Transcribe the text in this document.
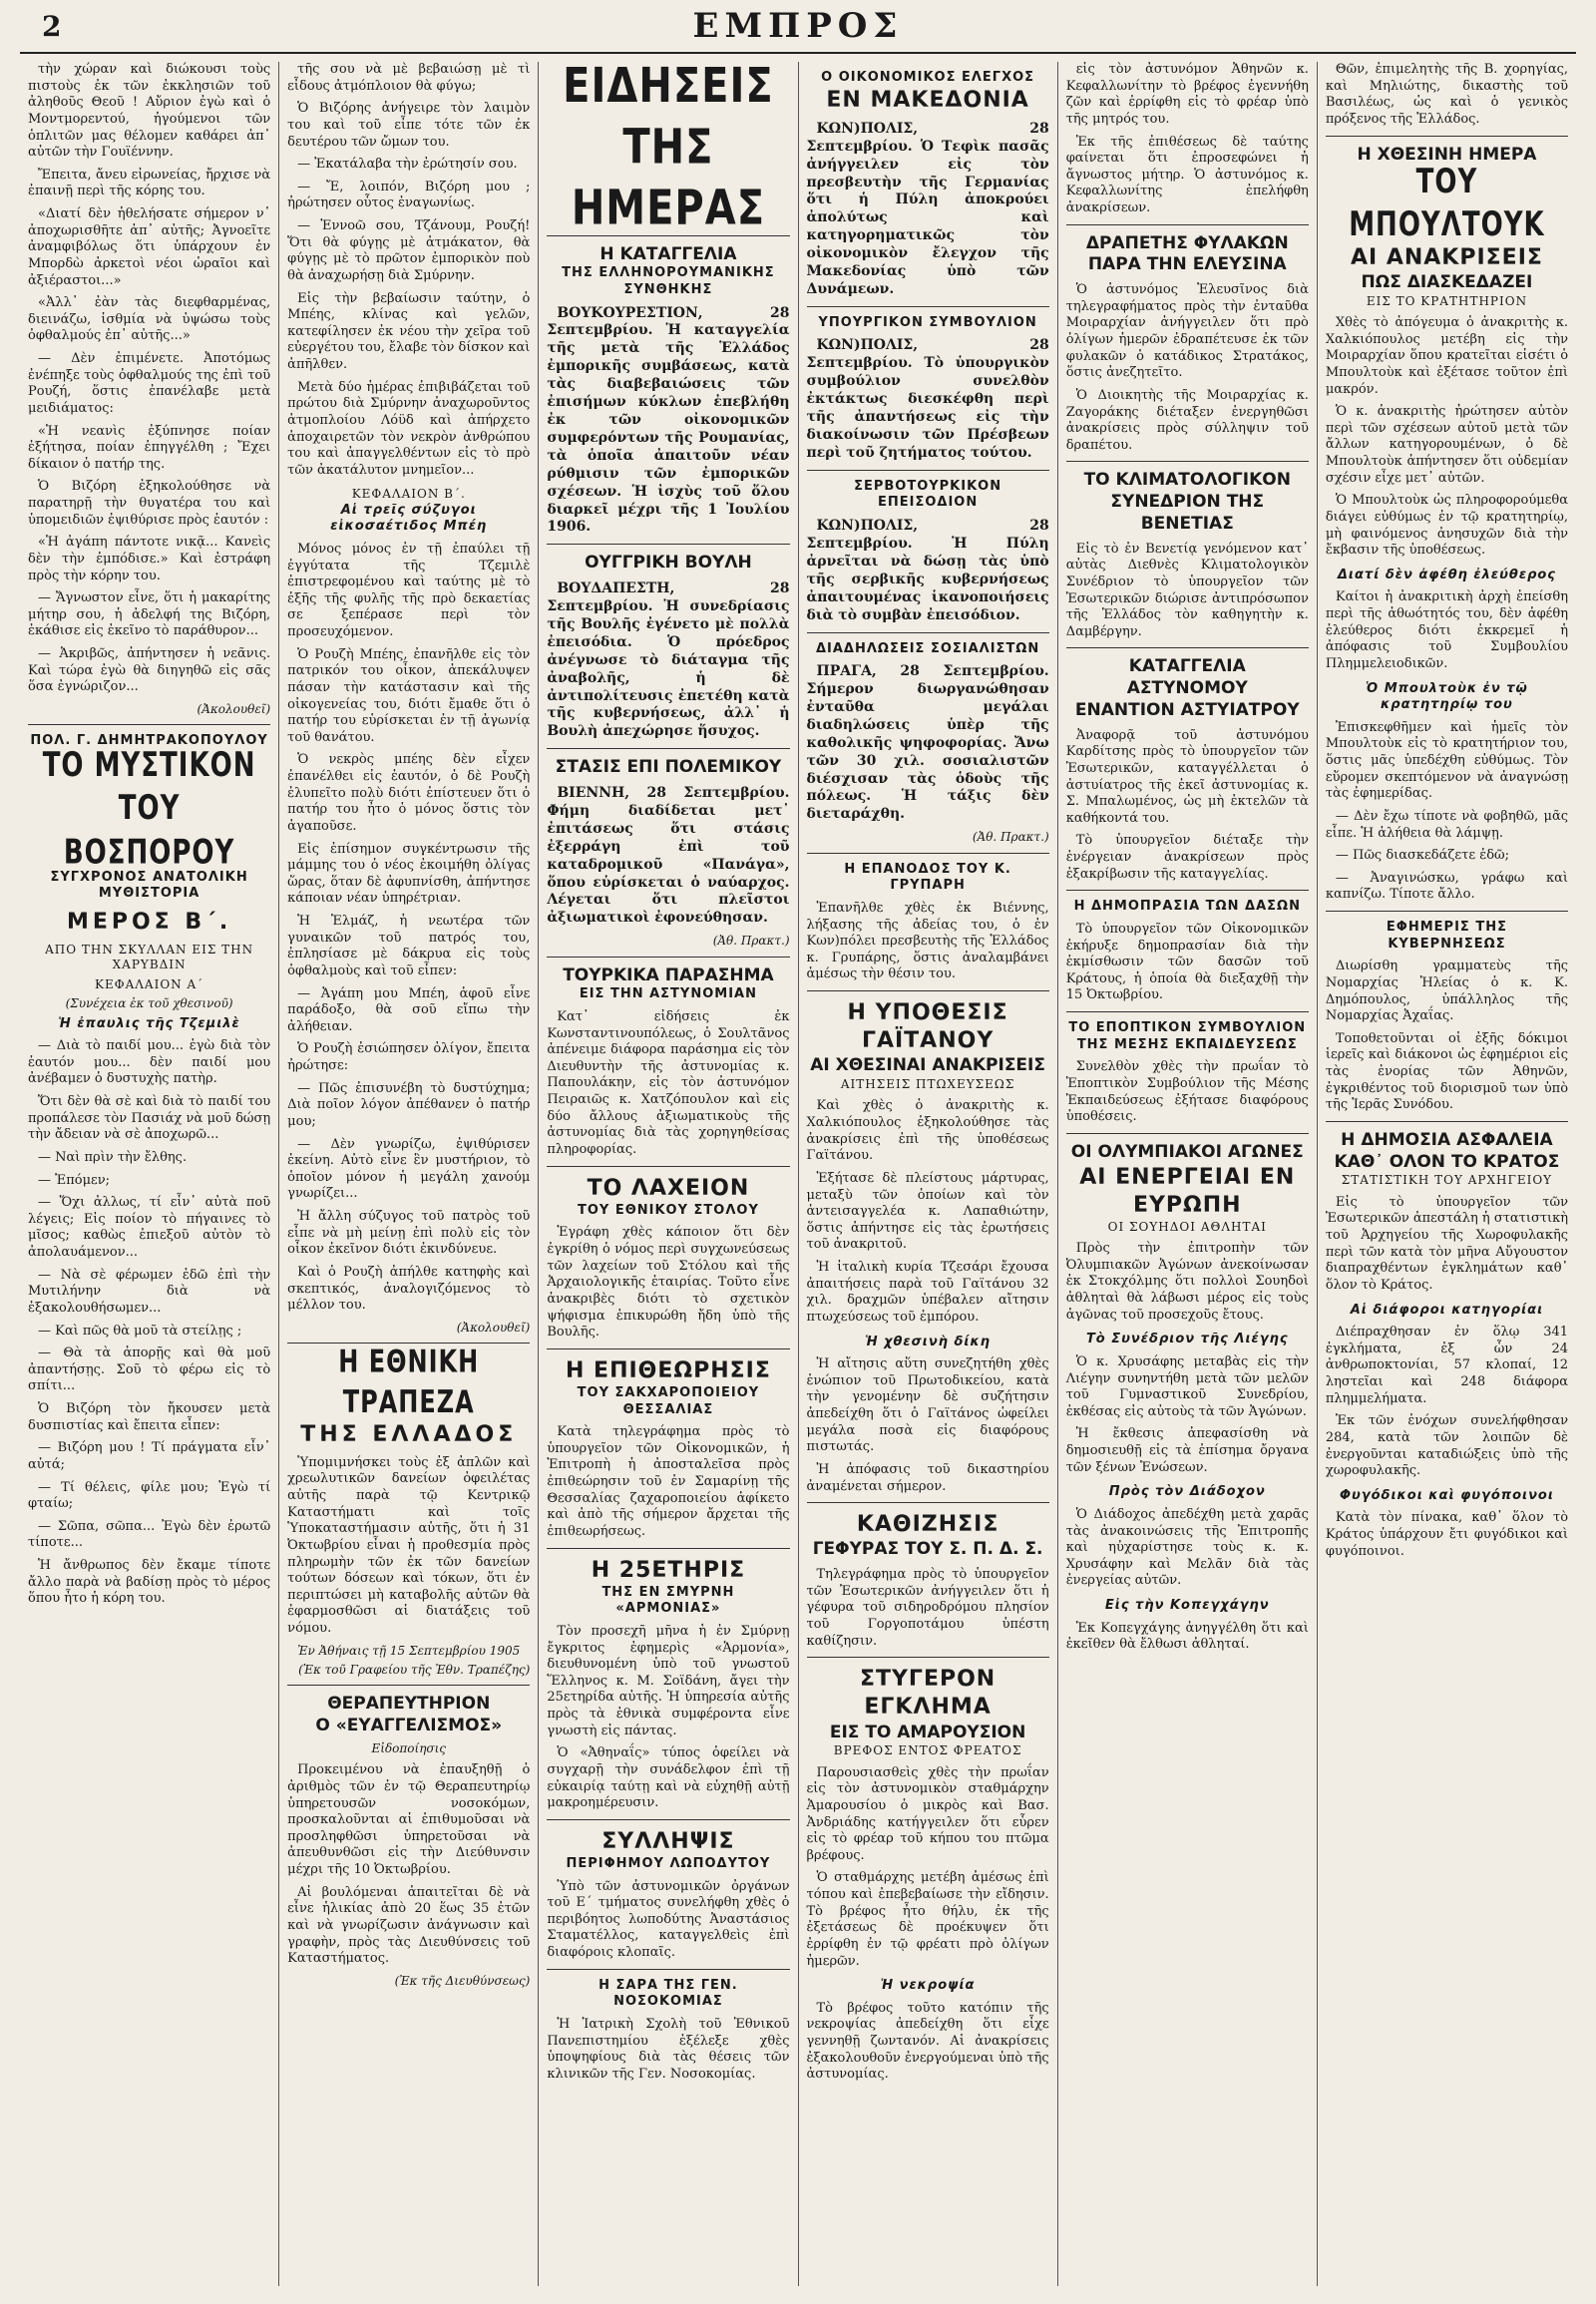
2	ΕΜΠΡΟΣ

τὴν χώραν καὶ διώκουσι τοὺς πιστοὺς ἐκ τῶν ἐκκλησιῶν τοῦ ἀληθοῦς Θεοῦ ! Αὔριον ἐγὼ καὶ ὁ Μοντμορεντού, ἠγούμενοι τῶν ὁπλιτῶν μας θέλομεν καθάρει ἀπ᾽ αὐτῶν τὴν Γουϊέννην.

Ἔπειτα, ἄνευ εἰρωνείας, ἤρχισε νὰ ἐπαινῇ περὶ τῆς κόρης του.

«Διατί δὲν ἠθελήσατε σήμερον ν᾽ ἀποχωρισθῆτε ἀπ᾽ αὐτῆς; Ἀγνοεῖτε ἀναμφιβόλως ὅτι ὑπάρχουν ἐν Μπορδὼ ἀρκετοὶ νέοι ὡραῖοι καὶ ἀξιέραστοι...»

«Ἀλλ᾽ ἐὰν τὰς διεφθαρμένας, διεινάζω, ἰσθμία νὰ ὑψώσω τοὺς ὀφθαλμούς ἐπ᾽ αὐτῆς...»

— Δὲν ἐπιμένετε. Ἀποτόμως ἐνέπηξε τοὺς ὀφθαλμούς της ἐπὶ τοῦ Ρουζή, ὅστις ἐπανέλαβε μετὰ μειδιάματος:

«Ἡ νεανὶς ἐξύπνησε ποίαν ἐξήτησα, ποίαν ἐπηγγέλθη ; Ἔχει δίκαιον ὁ πατήρ της.

Ὁ Βιζόρη ἐξηκολούθησε νὰ παρατηρῇ τὴν θυγατέρα του καὶ ὑπομειδιῶν ἐψιθύρισε πρὸς ἑαυτόν :

«Ἡ ἀγάπη πάντοτε νικᾷ... Κανεὶς δὲν τὴν ἐμπόδισε.» Καὶ ἐστράφη πρὸς τὴν κόρην του.

— Ἄγνωστον εἶνε, ὅτι ἡ μακαρίτης μήτηρ σου, ἡ ἀδελφή της Βιζόρη, ἐκάθισε εἰς ἐκεῖνο τὸ παράθυρον...

— Ἀκριβῶς, ἀπήντησεν ἡ νεᾶνις. Καὶ τώρα ἐγὼ θὰ διηγηθῶ εἰς σᾶς ὅσα ἐγνώριζον...

(Ἀκολουθεῖ)
ΠΟΛ. Γ. ΔΗΜΗΤΡΑΚΟΠΟΥΛΟΥ
ΤΟ ΜΥΣΤΙΚΟΝ ΤΟΥ ΒΟΣΠΟΡΟΥ
ΣΥΓΧΡΟΝΟΣ ΑΝΑΤΟΛΙΚΗ ΜΥΘΙΣΤΟΡΙΑ
ΜΕΡΟΣ Β΄.
ΑΠΟ ΤΗΝ ΣΚΥΛΛΑΝ ΕΙΣ ΤΗΝ ΧΑΡΥΒΔΙΝ
ΚΕΦΑΛΑΙΟΝ Α΄
(Συνέχεια ἐκ τοῦ χθεσινοῦ)
Ἡ ἐπαυλις τῆς Τζεμιλὲ

— Διὰ τὸ παιδί μου... ἐγὼ διὰ τὸν ἑαυτόν μου... δὲν παιδί μου ἀνέβαμεν ὁ δυστυχὴς πατὴρ.

Ὅτι δὲν θὰ σὲ καὶ διὰ τὸ παιδί του προπάλεσε τὸν Πασιάχ νὰ μοῦ δώσῃ τὴν ἄδειαν νὰ σὲ ἀποχωρῶ...

— Ναὶ πρὶν τὴν ἔλθης.

— Ἐπόμεν;

— Ὅχι ἀλλως, τί εἶν᾽ αὐτὰ ποῦ λέγεις; Εἰς ποίον τὸ πήγαινες τὸ μῖσος; καθὼς ἐπιεξοῦ αὐτὸν τὸ ἀπολαυάμενον...

— Νὰ σὲ φέρωμεν ἐδῶ ἐπὶ τὴν Μυτιλήνην διὰ νὰ ἐξακολουθήσωμεν...

— Καὶ πῶς θὰ μοῦ τὰ στείλῃς ;

— Θὰ τὰ ἀπορῇς καὶ θὰ μοῦ ἀπαντήσῃς. Σοῦ τὸ φέρω εἰς τὸ σπίτι...

Ὁ Βιζόρη τὸν ἤκουσεν μετὰ δυσπιστίας καὶ ἔπειτα εἶπεν:

— Βιζόρη μου ! Τί πράγματα εἶν᾽ αὐτά;

— Τί θέλεις, φίλε μου; Ἐγὼ τί φταίω;

— Σῶπα, σῶπα... Ἐγὼ δὲν ἐρωτῶ τίποτε...

Ἡ ἄνθρωπος δὲν ἔκαμε τίποτε ἄλλο παρὰ νὰ βαδίσῃ πρὸς τὸ μέρος ὅπου ἦτο ἡ κόρη του.

τῆς σου νὰ μὲ βεβαιώσῃ μὲ τὶ εἶδους ἀτμόπλοιον θὰ φύγω;

Ὁ Βιζόρης ἀνήγειρε τὸν λαιμὸν του καὶ τοῦ εἶπε τότε τῶν ἐκ δευτέρου τῶν ὤμων του.

— Ἐκατάλαβα τὴν ἐρώτησίν σου.

— Ἔ, λοιπόν, Βιζόρη μου ; ἠρώτησεν οὗτος ἐναγωνίως.

— Ἐννοῶ σου, Τζάνουμ, Ρουζή! Ὅτι θὰ φύγῃς μὲ ἀτμάκατον, θὰ φύγῃς μὲ τὸ πρῶτον ἐμπορικὸν ποὺ θὰ ἀναχωρήσῃ διὰ Σμύρνην.

Εἰς τὴν βεβαίωσιν ταύτην, ὁ Μπέης, κλίνας καὶ γελῶν, κατεφίλησεν ἐκ νέου τὴν χεῖρα τοῦ εὐεργέτου του, ἔλαβε τὸν δίσκον καὶ ἀπῆλθεν.

Μετὰ δύο ἡμέρας ἐπιβιβάζεται τοῦ πρώτου διὰ Σμύρνην ἀναχωροῦντος ἀτμοπλοίου Λόϋδ καὶ ἀπήρχετο ἀποχαιρετῶν τὸν νεκρὸν ἀνθρώπου του καὶ ἀπαγγελθέντων εἰς τὸ πρὸ τῶν ἀκατάλυτον μνημεῖον...

ΚΕΦΑΛΑΙΟΝ Β΄.
Αἱ τρεῖς σύζυγοι εἰκοσαέτιδος Μπέη

Μόνος μόνος ἐν τῇ ἐπαύλει τῇ ἐγγύτατα τῆς Τζεμιλὲ ἐπιστρεφομένου καὶ ταύτης μὲ τὸ ἐξῆς τῆς φυλῆς τῆς πρὸ δεκαετίας σε ξεπέρασε περὶ τὸν προσευχόμενον.

Ὁ Ρουζὴ Μπέης, ἐπανῆλθε εἰς τὸν πατρικόν του οἶκον, ἀπεκάλυψεν πάσαν τὴν κατάστασιν καὶ τῆς οἰκογενείας του, διότι ἔμαθε ὅτι ὁ πατήρ του εὑρίσκεται ἐν τῇ ἀγωνίᾳ τοῦ θανάτου.

Ὁ νεκρὸς μπέης δὲν εἶχεν ἐπανέλθει εἰς ἑαυτόν, ὁ δὲ Ρουζὴ ἐλυπεῖτο πολὺ διότι ἐπίστευεν ὅτι ὁ πατήρ του ἦτο ὁ μόνος ὅστις τὸν ἀγαποῦσε.

Εἰς ἐπίσημον συγκέντρωσιν τῆς μάμμης του ὁ νέος ἐκοιμήθη ὀλίγας ὥρας, ὅταν δὲ ἀφυπνίσθη, ἀπήντησε κάποιαν νέαν ὑπηρέτριαν.

Ἡ Ἑλμάζ, ἡ νεωτέρα τῶν γυναικῶν τοῦ πατρός του, ἐπλησίασε μὲ δάκρυα εἰς τοὺς ὀφθαλμοὺς καὶ τοῦ εἶπεν:

— Ἀγάπη μου Μπέη, ἀφοῦ εἶνε παράδοξο, θὰ σοῦ εἴπω τὴν ἀλήθειαν.

Ὁ Ρουζὴ ἐσιώπησεν ὀλίγον, ἔπειτα ἠρώτησε:

— Πῶς ἐπισυνέβη τὸ δυστύχημα; Διὰ ποῖον λόγον ἀπέθανεν ὁ πατήρ μου;

— Δὲν γνωρίζω, ἐψιθύρισεν ἐκείνη. Αὐτὸ εἶνε ἓν μυστήριον, τὸ ὁποῖον μόνον ἡ μεγάλη χανούμ γνωρίζει...

Ἡ ἄλλη σύζυγος τοῦ πατρὸς τοῦ εἶπε νὰ μὴ μείνῃ ἐπὶ πολὺ εἰς τὸν οἶκον ἐκεῖνον διότι ἐκινδύνευε.

Καὶ ὁ Ρουζὴ ἀπήλθε κατηφὴς καὶ σκεπτικός, ἀναλογιζόμενος τὸ μέλλον του.

(Ἀκολουθεῖ)
Η ΕΘΝΙΚΗ ΤΡΑΠΕΖΑ
ΤΗΣ ΕΛΛΑΔΟΣ

Ὑπομιμνήσκει τοὺς ἐξ ἀπλῶν καὶ χρεωλυτικῶν δανείων ὀφειλέτας αὐτῆς παρὰ τῷ Κεντρικῷ Καταστήματι καὶ τοῖς Ὑποκαταστήμασιν αὐτῆς, ὅτι ἡ 31 Ὀκτωβρίου εἶναι ἡ προθεσμία πρὸς πληρωμὴν τῶν ἐκ τῶν δανείων τούτων δόσεων καὶ τόκων, ὅτι ἐν περιπτώσει μὴ καταβολῆς αὐτῶν θὰ ἐφαρμοσθῶσι αἱ διατάξεις τοῦ νόμου.

Ἐν Ἀθήναις τῇ 15 Σεπτεμβρίου 1905
(Ἐκ τοῦ Γραφείου τῆς Ἐθν. Τραπέζης)
ΘΕΡΑΠΕΥΤΗΡΙΟΝ
Ο «ΕΥΑΓΓΕΛΙΣΜΟΣ»
Εἰδοποίησις

Προκειμένου νὰ ἐπαυξηθῇ ὁ ἀριθμὸς τῶν ἐν τῷ Θεραπευτηρίῳ ὑπηρετουσῶν νοσοκόμων, προσκαλοῦνται αἱ ἐπιθυμοῦσαι νὰ προσληφθῶσι ὑπηρετοῦσαι νὰ ἀπευθυνθῶσι εἰς τὴν Διεύθυνσιν μέχρι τῆς 10 Ὀκτωβρίου.

Αἱ βουλόμεναι ἀπαιτεῖται δὲ νὰ εἶνε ἡλικίας ἀπὸ 20 ἕως 35 ἐτῶν καὶ νὰ γνωρίζωσιν ἀνάγνωσιν καὶ γραφὴν, πρὸς τὰς Διευθύνσεις τοῦ Καταστήματος.

(Ἐκ τῆς Διευθύνσεως)
ΕΙΔΗΣΕΙΣ ΤΗΣ ΗΜΕΡΑΣ
Η ΚΑΤΑΓΓΕΛΙΑ
ΤΗΣ ΕΛΛΗΝΟΡΟΥΜΑΝΙΚΗΣ ΣΥΝΘΗΚΗΣ

ΒΟΥΚΟΥΡΕΣΤΙΟΝ, 28 Σεπτεμβρίου. Ἡ καταγγελία τῆς μετὰ τῆς Ἑλλάδος ἐμπορικῆς συμβάσεως, κατὰ τὰς διαβεβαιώσεις τῶν ἐπισήμων κύκλων ἐπεβλήθη ἐκ τῶν οἰκονομικῶν συμφερόντων τῆς Ρουμανίας, τὰ ὁποῖα ἀπαιτοῦν νέαν ρύθμισιν τῶν ἐμπορικῶν σχέσεων. Ἡ ἰσχὺς τοῦ ὅλου διαρκεῖ μέχρι τῆς 1 Ἰουλίου 1906.

ΟΥΓΓΡΙΚΗ ΒΟΥΛΗ

ΒΟΥΔΑΠΕΣΤΗ, 28 Σεπτεμβρίου. Ἡ συνεδρίασις τῆς Βουλῆς ἐγένετο μὲ πολλὰ ἐπεισόδια. Ὁ πρόεδρος ἀνέγνωσε τὸ διάταγμα τῆς ἀναβολῆς, ἡ δὲ ἀντιπολίτευσις ἐπετέθη κατὰ τῆς κυβερνήσεως, ἀλλ᾽ ἡ Βουλὴ ἀπεχώρησε ἥσυχος.

ΣΤΑΣΙΣ ΕΠΙ ΠΟΛΕΜΙΚΟΥ

ΒΙΕΝΝΗ, 28 Σεπτεμβρίου. Φήμη διαδίδεται μετ᾽ ἐπιτάσεως ὅτι στάσις ἐξερράγη ἐπὶ τοῦ καταδρομικοῦ «Πανάγα», ὅπου εὑρίσκεται ὁ ναύαρχος. Λέγεται ὅτι πλεῖστοι ἀξιωματικοὶ ἐφονεύθησαν.

(Ἀθ. Πρακτ.)
ΤΟΥΡΚΙΚΑ ΠΑΡΑΣΗΜΑ
ΕΙΣ ΤΗΝ ΑΣΤΥΝΟΜΙΑΝ

Κατ᾽ εἰδήσεις ἐκ Κωνσταντινουπόλεως, ὁ Σουλτᾶνος ἀπένειμε διάφορα παράσημα εἰς τὸν Διευθυντὴν τῆς ἀστυνομίας κ. Παπουλάκην, εἰς τὸν ἀστυνόμον Πειραιῶς κ. Χατζόπουλον καὶ εἰς δύο ἄλλους ἀξιωματικοὺς τῆς ἀστυνομίας διὰ τὰς χορηγηθείσας πληροφορίας.

ΤΟ ΛΑΧΕΙΟΝ
ΤΟΥ ΕΘΝΙΚΟΥ ΣΤΟΛΟΥ

Ἐγράφη χθὲς κάποιον ὅτι δὲν ἐγκρίθη ὁ νόμος περὶ συγχωνεύσεως τῶν λαχείων τοῦ Στόλου καὶ τῆς Ἀρχαιολογικῆς ἑταιρίας. Τοῦτο εἶνε ἀνακριβὲς διότι τὸ σχετικὸν ψήφισμα ἐπικυρώθη ἤδη ὑπὸ τῆς Βουλῆς.

Η ΕΠΙΘΕΩΡΗΣΙΣ
ΤΟΥ ΣΑΚΧΑΡΟΠΟΙΕΙΟΥ ΘΕΣΣΑΛΙΑΣ

Κατὰ τηλεγράφημα πρὸς τὸ ὑπουργεῖον τῶν Οἰκονομικῶν, ἡ Ἐπιτροπὴ ἡ ἀποσταλεῖσα πρὸς ἐπιθεώρησιν τοῦ ἐν Σαμαρίνῃ τῆς Θεσσαλίας ζαχαροποιείου ἀφίκετο καὶ ἀπὸ τῆς σήμερον ἄρχεται τῆς ἐπιθεωρήσεως.

Η 25ΕΤΗΡΙΣ
ΤΗΣ ΕΝ ΣΜΥΡΝΗ «ΑΡΜΟΝΙΑΣ»

Τὸν προσεχῆ μῆνα ἡ ἐν Σμύρνῃ ἔγκριτος ἐφημερὶς «Ἁρμονία», διευθυνομένη ὑπὸ τοῦ γνωστοῦ Ἕλληνος κ. Μ. Σοϊδάνη, ἄγει τὴν 25ετηρίδα αὐτῆς. Ἡ ὑπηρεσία αὐτῆς πρὸς τὰ ἐθνικὰ συμφέροντα εἶνε γνωστὴ εἰς πάντας.

Ὁ «Ἀθηναΐς» τύπος ὀφείλει νὰ συγχαρῇ τὴν συνάδελφον ἐπὶ τῇ εὐκαιρίᾳ ταύτῃ καὶ νὰ εὐχηθῇ αὐτῇ μακροημέρευσιν.

ΣΥΛΛΗΨΙΣ
ΠΕΡΙΦΗΜΟΥ ΛΩΠΟΔΥΤΟΥ

Ὑπὸ τῶν ἀστυνομικῶν ὀργάνων τοῦ Ε΄ τμήματος συνελήφθη χθὲς ὁ περιβόητος λωποδύτης Ἀναστάσιος Σταματέλλος, καταγγελθεὶς ἐπὶ διαφόροις κλοπαῖς.

Η ΣΑΡΑ ΤΗΣ ΓΕΝ. ΝΟΣΟΚΟΜΙΑΣ

Ἡ Ἰατρικὴ Σχολὴ τοῦ Ἐθνικοῦ Πανεπιστημίου ἐξέλεξε χθὲς ὑποψηφίους διὰ τὰς θέσεις τῶν κλινικῶν τῆς Γεν. Νοσοκομίας.

Ο ΟΙΚΟΝΟΜΙΚΟΣ ΕΛΕΓΧΟΣ
ΕΝ ΜΑΚΕΔΟΝΙΑ

ΚΩΝ)ΠΟΛΙΣ, 28 Σεπτεμβρίου. Ὁ Τεφὶκ πασᾶς ἀνήγγειλεν εἰς τὸν πρεσβευτὴν τῆς Γερμανίας ὅτι ἡ Πύλη ἀποκρούει ἀπολύτως καὶ κατηγορηματικῶς τὸν οἰκονομικὸν ἔλεγχον τῆς Μακεδονίας ὑπὸ τῶν Δυνάμεων.

ΥΠΟΥΡΓΙΚΟΝ ΣΥΜΒΟΥΛΙΟΝ

ΚΩΝ)ΠΟΛΙΣ, 28 Σεπτεμβρίου. Τὸ ὑπουργικὸν συμβούλιον συνελθὸν ἐκτάκτως διεσκέφθη περὶ τῆς ἀπαντήσεως εἰς τὴν διακοίνωσιν τῶν Πρέσβεων περὶ τοῦ ζητήματος τούτου.

ΣΕΡΒΟΤΟΥΡΚΙΚΟΝ ΕΠΕΙΣΟΔΙΟΝ

ΚΩΝ)ΠΟΛΙΣ, 28 Σεπτεμβρίου.	Ἡ Πύλη ἀρνεῖται νὰ δώσῃ τὰς ὑπὸ τῆς σερβικῆς κυβερνήσεως ἀπαιτουμένας ἱκανοποιήσεις διὰ τὸ συμβὰν ἐπεισόδιον.

ΔΙΑΔΗΛΩΣΕΙΣ ΣΟΣΙΑΛΙΣΤΩΝ

ΠΡΑΓΑ, 28 Σεπτεμβρίου. Σήμερον διωργανώθησαν ἐνταῦθα μεγάλαι διαδηλώσεις ὑπὲρ τῆς καθολικῆς ψηφοφορίας. Ἄνω τῶν 30 χιλ. σοσιαλιστῶν διέσχισαν τὰς ὁδοὺς τῆς πόλεως. Ἡ τάξις δὲν διεταράχθη.

(Ἀθ. Πρακτ.)
Η ΕΠΑΝΟΔΟΣ ΤΟΥ Κ. ΓΡΥΠΑΡΗ

Ἐπανῆλθε χθὲς ἐκ Βιέννης, λήξασης τῆς ἀδείας του, ὁ ἐν Κων)πόλει πρεσβευτὴς τῆς Ἑλλάδος κ. Γρυπάρης, ὅστις ἀναλαμβάνει ἀμέσως τὴν θέσιν του.

Η ΥΠΟΘΕΣΙΣ ΓΑΪΤΑΝΟΥ
ΑΙ ΧΘΕΣΙΝΑΙ ΑΝΑΚΡΙΣΕΙΣ
ΑΙΤΗΣΕΙΣ ΠΤΩΧΕΥΣΕΩΣ

Καὶ χθὲς ὁ ἀνακριτὴς κ. Χαλκιόπουλος ἐξηκολούθησε τὰς ἀνακρίσεις ἐπὶ τῆς ὑποθέσεως Γαϊτάνου.

Ἐξήτασε δὲ πλείστους μάρτυρας, μεταξὺ τῶν ὁποίων καὶ τὸν ἀντεισαγγελέα κ. Λαπαθιώτην, ὅστις ἀπήντησε εἰς τὰς ἐρωτήσεις τοῦ ἀνακριτοῦ.

Ἡ ἰταλικὴ κυρία Τζεσάρι ἔχουσα ἀπαιτήσεις παρὰ τοῦ Γαϊτάνου 32 χιλ. δραχμῶν ὑπέβαλεν αἴτησιν πτωχεύσεως τοῦ ἐμπόρου.

Ἡ χθεσινὴ δίκη

Ἡ αἴτησις αὕτη συνεζητήθη χθὲς ἐνώπιον τοῦ Πρωτοδικείου, κατὰ τὴν γενομένην δὲ συζήτησιν ἀπεδείχθη ὅτι ὁ Γαϊτάνος ὠφείλει μεγάλα ποσὰ εἰς διαφόρους πιστωτάς.

Ἡ ἀπόφασις τοῦ δικαστηρίου ἀναμένεται σήμερον.

ΚΑΘΙΖΗΣΙΣ
ΓΕΦΥΡΑΣ ΤΟΥ Σ. Π. Δ. Σ.

Τηλεγράφημα πρὸς τὸ ὑπουργεῖον τῶν Ἐσωτερικῶν ἀνήγγειλεν ὅτι ἡ γέφυρα τοῦ σιδηροδρόμου πλησίον τοῦ Γοργοποτάμου ὑπέστη καθίζησιν.

ΣΤΥΓΕΡΟΝ ΕΓΚΛΗΜΑ
ΕΙΣ ΤΟ ΑΜΑΡΟΥΣΙΟΝ
ΒΡΕΦΟΣ ΕΝΤΟΣ ΦΡΕΑΤΟΣ

Παρουσιασθεὶς χθὲς τὴν πρωΐαν εἰς τὸν ἀστυνομικὸν σταθμάρχην Ἀμαρουσίου ὁ μικρὸς καὶ Βασ. Ἀνδριάδης κατήγγειλεν ὅτι εὗρεν εἰς τὸ φρέαρ τοῦ κήπου του πτῶμα βρέφους.

Ὁ σταθμάρχης μετέβη ἀμέσως ἐπὶ τόπου καὶ ἐπεβεβαίωσε τὴν εἴδησιν. Τὸ βρέφος ἦτο θήλυ, ἐκ τῆς ἐξετάσεως δὲ προέκυψεν ὅτι ἐρρίφθη ἐν τῷ φρέατι πρὸ ὀλίγων ἡμερῶν.

Ἡ νεκροψία

Τὸ βρέφος τοῦτο κατόπιν τῆς νεκροψίας ἀπεδείχθη ὅτι εἶχε γεννηθῇ ζωντανόν. Αἱ ἀνακρίσεις ἐξακολουθοῦν ἐνεργούμεναι ὑπὸ τῆς ἀστυνομίας.

εἰς τὸν ἀστυνόμον Ἀθηνῶν κ. Κεφαλλωνίτην τὸ βρέφος ἐγεννήθη ζῶν καὶ ἐρρίφθη εἰς τὸ φρέαρ ὑπὸ τῆς μητρός του.

Ἐκ τῆς ἐπιθέσεως δὲ ταύτης φαίνεται ὅτι ἐπροσεφώνει ἡ ἄγνωστος μήτηρ. Ὁ ἀστυνόμος κ. Κεφαλλωνίτης ἐπελήφθη ἀνακρίσεων.

ΔΡΑΠΕΤΗΣ ΦΥΛΑΚΩΝ
ΠΑΡΑ ΤΗΝ ΕΛΕΥΣΙΝΑ

Ὁ ἀστυνόμος Ἐλευσῖνος διὰ τηλεγραφήματος πρὸς τὴν ἐνταῦθα Μοιραρχίαν ἀνήγγειλεν ὅτι πρὸ ὀλίγων ἡμερῶν ἐδραπέτευσε ἐκ τῶν φυλακῶν ὁ κατάδικος Στρατάκος, ὅστις ἀνεζητεῖτο.

Ὁ Διοικητὴς τῆς Μοιραρχίας κ. Ζαγοράκης διέταξεν ἐνεργηθῶσι ἀνακρίσεις πρὸς σύλληψιν τοῦ δραπέτου.

ΤΟ ΚΛΙΜΑΤΟΛΟΓΙΚΟΝ
ΣΥΝΕΔΡΙΟΝ ΤΗΣ ΒΕΝΕΤΙΑΣ

Εἰς τὸ ἐν Βενετίᾳ γενόμενον κατ᾽ αὐτὰς Διεθνὲς Κλιματολογικὸν Συνέδριον τὸ ὑπουργεῖον τῶν Ἐσωτερικῶν διώρισε ἀντιπρόσωπον τῆς Ἑλλάδος τὸν καθηγητὴν κ. Δαμβέργην.

ΚΑΤΑΓΓΕΛΙΑ ΑΣΤΥΝΟΜΟΥ
ΕΝΑΝΤΙΟΝ ΑΣΤΥΙΑΤΡΟΥ

Ἀναφορᾷ τοῦ ἀστυνόμου Καρδίτσης πρὸς τὸ ὑπουργεῖον τῶν Ἐσωτερικῶν, καταγγέλλεται ὁ ἀστυίατρος τῆς ἐκεῖ ἀστυνομίας κ. Σ. Μπαλωμένος, ὡς μὴ ἐκτελῶν τὰ καθήκοντά του.

Τὸ ὑπουργεῖον διέταξε τὴν ἐνέργειαν ἀνακρίσεων πρὸς ἐξακρίβωσιν τῆς καταγγελίας.

Η ΔΗΜΟΠΡΑΣΙΑ ΤΩΝ ΔΑΣΩΝ

Τὸ ὑπουργεῖον τῶν Οἰκονομικῶν ἐκήρυξε δημοπρασίαν διὰ τὴν ἐκμίσθωσιν τῶν δασῶν τοῦ Κράτους, ἡ ὁποία θὰ διεξαχθῇ τὴν 15 Ὀκτωβρίου.

ΤΟ ΕΠΟΠΤΙΚΟΝ ΣΥΜΒΟΥΛΙΟΝ
ΤΗΣ ΜΕΣΗΣ ΕΚΠΑΙΔΕΥΣΕΩΣ

Συνελθὸν χθὲς τὴν πρωΐαν τὸ Ἐποπτικὸν Συμβούλιον τῆς Μέσης Ἐκπαιδεύσεως ἐξήτασε διαφόρους ὑποθέσεις.

ΟΙ ΟΛΥΜΠΙΑΚΟΙ ΑΓΩΝΕΣ
ΑΙ ΕΝΕΡΓΕΙΑΙ ΕΝ ΕΥΡΩΠΗ
ΟΙ ΣΟΥΗΔΟΙ ΑΘΛΗΤΑΙ

Πρὸς τὴν ἐπιτροπὴν τῶν Ὀλυμπιακῶν Ἀγώνων ἀνεκοίνωσαν ἐκ Στοκχόλμης ὅτι πολλοὶ Σουηδοὶ ἀθληταὶ θὰ λάβωσι μέρος εἰς τοὺς ἀγῶνας τοῦ προσεχοῦς ἔτους.

Τὸ Συνέδριον τῆς Λιέγης

Ὁ κ. Χρυσάφης μεταβὰς εἰς τὴν Λιέγην συνηντήθη μετὰ τῶν μελῶν τοῦ Γυμναστικοῦ Συνεδρίου, ἐκθέσας εἰς αὐτοὺς τὰ τῶν Ἀγώνων.

Ἡ ἔκθεσις ἀπεφασίσθη νὰ δημοσιευθῇ εἰς τὰ ἐπίσημα ὄργανα τῶν ξένων Ἑνώσεων.

Πρὸς τὸν Διάδοχον

Ὁ Διάδοχος ἀπεδέχθη μετὰ χαρᾶς τὰς ἀνακοινώσεις τῆς Ἐπιτροπῆς καὶ ηὐχαρίστησε τοὺς κ. κ. Χρυσάφην καὶ Μελᾶν διὰ τὰς ἐνεργείας αὐτῶν.

Εἰς τὴν Κοπεγχάγην

Ἐκ Κοπεγχάγης ἀνηγγέλθη ὅτι καὶ ἐκεῖθεν θὰ ἔλθωσι ἀθληταί.

Θῶν, ἐπιμελητὴς τῆς Β. χορηγίας, καὶ Μηλιώτης, δικαστὴς τοῦ Βασιλέως, ὡς καὶ ὁ γενικὸς πρόξενος τῆς Ἑλλάδος.

Η ΧΘΕΣΙΝΗ ΗΜΕΡΑ
ΤΟΥ ΜΠΟΥΛΤΟΥΚ
ΑΙ ΑΝΑΚΡΙΣΕΙΣ
ΠΩΣ ΔΙΑΣΚΕΔΑΖΕΙ
ΕΙΣ ΤΟ ΚΡΑΤΗΤΗΡΙΟΝ

Χθὲς τὸ ἀπόγευμα ὁ ἀνακριτὴς κ. Χαλκιόπουλος μετέβη εἰς τὴν Μοιραρχίαν ὅπου κρατεῖται εἰσέτι ὁ Μπουλτοὺκ καὶ ἐξέτασε τοῦτον ἐπὶ μακρόν.

Ὁ κ. ἀνακριτὴς ἠρώτησεν αὐτὸν περὶ τῶν σχέσεων αὐτοῦ μετὰ τῶν ἄλλων κατηγορουμένων, ὁ δὲ Μπουλτοὺκ ἀπήντησεν ὅτι οὐδεμίαν σχέσιν εἶχε μετ᾽ αὐτῶν.

Ὁ Μπουλτοὺκ ὡς πληροφορούμεθα διάγει εὐθύμως ἐν τῷ κρατητηρίῳ, μὴ φαινόμενος ἀνησυχῶν διὰ τὴν ἔκβασιν τῆς ὑποθέσεως.

Διατί δὲν ἀφέθη ἐλεύθερος

Καίτοι ἡ ἀνακριτικὴ ἀρχὴ ἐπείσθη περὶ τῆς ἀθωότητός του, δὲν ἀφέθη ἐλεύθερος διότι ἐκκρεμεῖ ἡ ἀπόφασις τοῦ Συμβουλίου Πλημμελειοδικῶν.

Ὁ Μπουλτοὺκ ἐν τῷ κρατητηρίῳ του

Ἐπισκεφθῆμεν καὶ ἡμεῖς τὸν Μπουλτοὺκ εἰς τὸ κρατητήριον του, ὅστις μᾶς ὑπεδέχθη εὐθύμως. Τὸν εὕρομεν σκεπτόμενον νὰ ἀναγνώσῃ τὰς ἐφημερίδας.

— Δὲν ἔχω τίποτε νὰ φοβηθῶ, μᾶς εἶπε. Ἡ ἀλήθεια θὰ λάμψῃ.

— Πῶς διασκεδάζετε ἐδῶ;

— Ἀναγινώσκω, γράφω καὶ καπνίζω. Τίποτε ἄλλο.

ΕΦΗΜΕΡΙΣ ΤΗΣ ΚΥΒΕΡΝΗΣΕΩΣ

Διωρίσθη γραμματεὺς τῆς Νομαρχίας Ἠλείας ὁ κ. Κ. Δημόπουλος, ὑπάλληλος τῆς Νομαρχίας Ἀχαΐας.

Τοποθετοῦνται οἱ ἐξῆς δόκιμοι ἱερεῖς καὶ διάκονοι ὡς ἐφημέριοι εἰς τὰς ἐνορίας τῶν Ἀθηνῶν, ἐγκριθέντος τοῦ διορισμοῦ των ὑπὸ τῆς Ἱερᾶς Συνόδου.

Η ΔΗΜΟΣΙΑ ΑΣΦΑΛΕΙΑ
ΚΑΘ᾽ ΟΛΟΝ ΤΟ ΚΡΑΤΟΣ
ΣΤΑΤΙΣΤΙΚΗ ΤΟΥ ΑΡΧΗΓΕΙΟΥ

Εἰς τὸ ὑπουργεῖον τῶν Ἐσωτερικῶν ἀπεστάλη ἡ στατιστικὴ τοῦ Ἀρχηγείου τῆς Χωροφυλακῆς περὶ τῶν κατὰ τὸν μῆνα Αὔγουστον διαπραχθέντων ἐγκλημάτων καθ᾽ ὅλον τὸ Κράτος.

Αἱ διάφοροι κατηγορίαι

Διέπραχθησαν ἐν ὅλῳ 341 ἐγκλήματα, ἐξ ὧν 24 ἀνθρωποκτονίαι, 57 κλοπαί, 12 ληστεῖαι καὶ 248 διάφορα πλημμελήματα.

Ἐκ τῶν ἐνόχων συνελήφθησαν 284, κατὰ τῶν λοιπῶν δὲ ἐνεργοῦνται καταδιώξεις ὑπὸ τῆς χωροφυλακῆς.

Φυγόδικοι καὶ φυγόποινοι

Κατὰ τὸν πίνακα, καθ᾽ ὅλον τὸ Κράτος ὑπάρχουν ἔτι φυγόδικοι καὶ φυγόποινοι.
